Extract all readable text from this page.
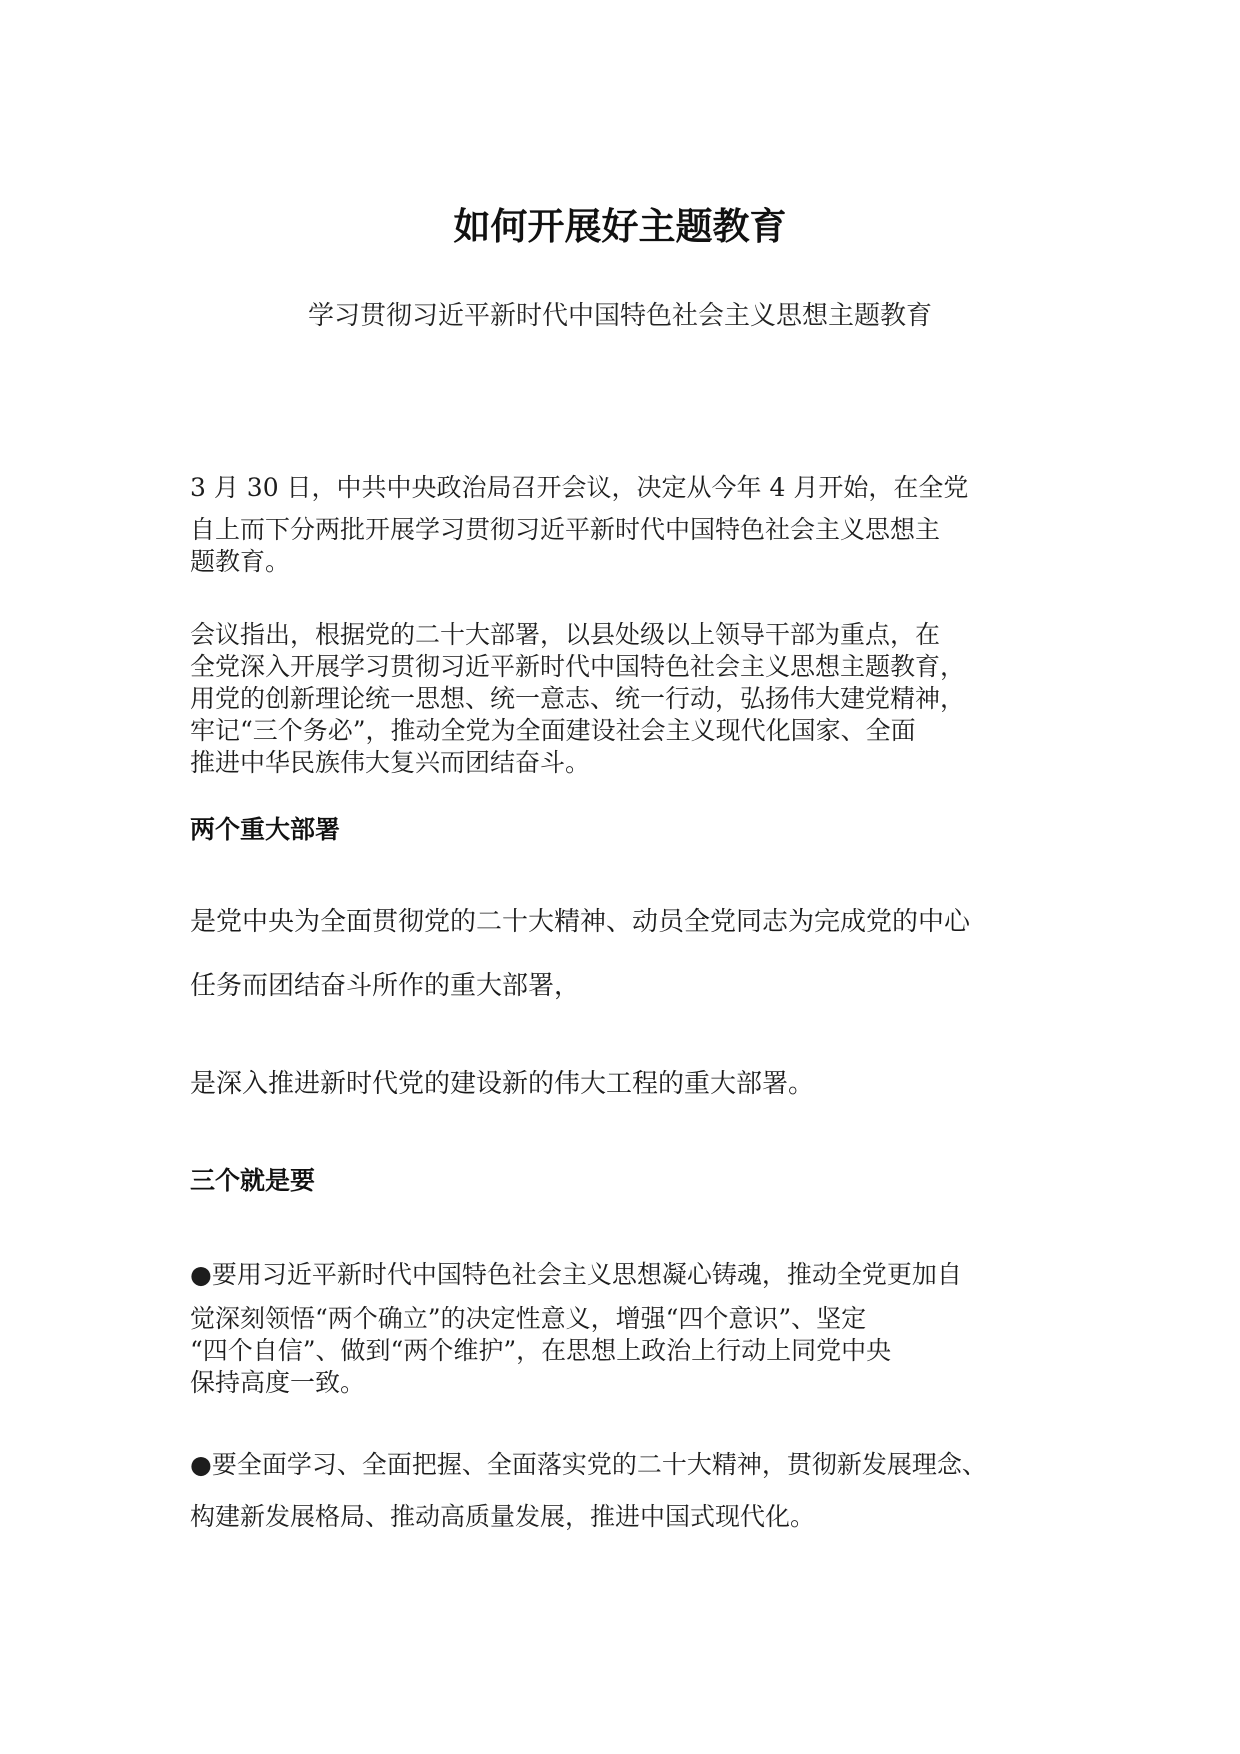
如何开展好主题教育

学习贯彻习近平新时代中国特色社会主义思想主题教育

3 月 30 日，中共中央政治局召开会议，决定从今年 4 月开始，在全党

自上而下分两批开展学习贯彻习近平新时代中国特色社会主义思想主
题教育。

会议指出，根据党的二十大部署，以县处级以上领导干部为重点，在
全党深入开展学习贯彻习近平新时代中国特色社会主义思想主题教育，
用党的创新理论统一思想、统一意志、统一行动，弘扬伟大建党精神，
牢记“三个务必”，推动全党为全面建设社会主义现代化国家、全面
推进中华民族伟大复兴而团结奋斗。

两个重大部署

是党中央为全面贯彻党的二十大精神、动员全党同志为完成党的中心

任务而团结奋斗所作的重大部署，

是深入推进新时代党的建设新的伟大工程的重大部署。

三个就是要

●要用习近平新时代中国特色社会主义思想凝心铸魂，推动全党更加自

觉深刻领悟“两个确立”的决定性意义，增强“四个意识”、坚定
“四个自信”、做到“两个维护”，在思想上政治上行动上同党中央
保持高度一致。

●要全面学习、全面把握、全面落实党的二十大精神，贯彻新发展理念、

构建新发展格局、推动高质量发展，推进中国式现代化。
